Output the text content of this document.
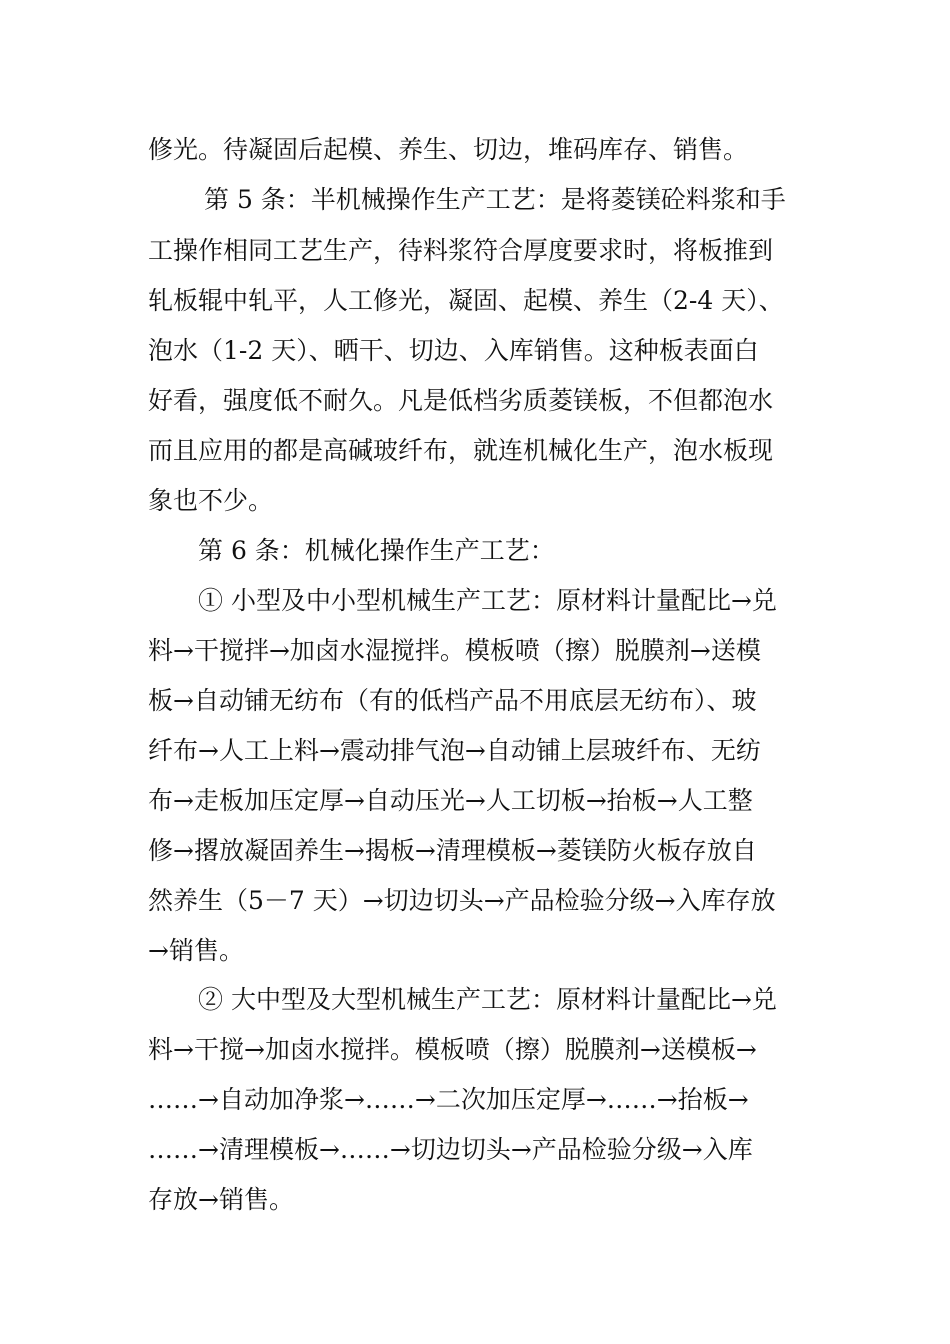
修光。待凝固后起模、养生、切边，堆码库存、销售。
第 5 条：半机械操作生产工艺：是将菱镁砼料浆和手
工操作相同工艺生产，待料浆符合厚度要求时，将板推到
轧板辊中轧平，人工修光，凝固、起模、养生（2-4 天）、
泡水（1-2 天）、晒干、切边、入库销售。这种板表面白
好看，强度低不耐久。凡是低档劣质菱镁板，不但都泡水
而且应用的都是高碱玻纤布，就连机械化生产，泡水板现
象也不少。
第 6 条：机械化操作生产工艺：
① 小型及中小型机械生产工艺：原材料计量配比→兑
料→干搅拌→加卤水湿搅拌。模板喷（擦）脱膜剂→送模
板→自动铺无纺布（有的低档产品不用底层无纺布）、玻
纤布→人工上料→震动排气泡→自动铺上层玻纤布、无纺
布→走板加压定厚→自动压光→人工切板→抬板→人工整
修→撂放凝固养生→揭板→清理模板→菱镁防火板存放自
然养生（5－7 天）→切边切头→产品检验分级→入库存放
→销售。
② 大中型及大型机械生产工艺：原材料计量配比→兑
料→干搅→加卤水搅拌。模板喷（擦）脱膜剂→送模板→
……→自动加净浆→……→二次加压定厚→……→抬板→
……→清理模板→……→切边切头→产品检验分级→入库
存放→销售。
